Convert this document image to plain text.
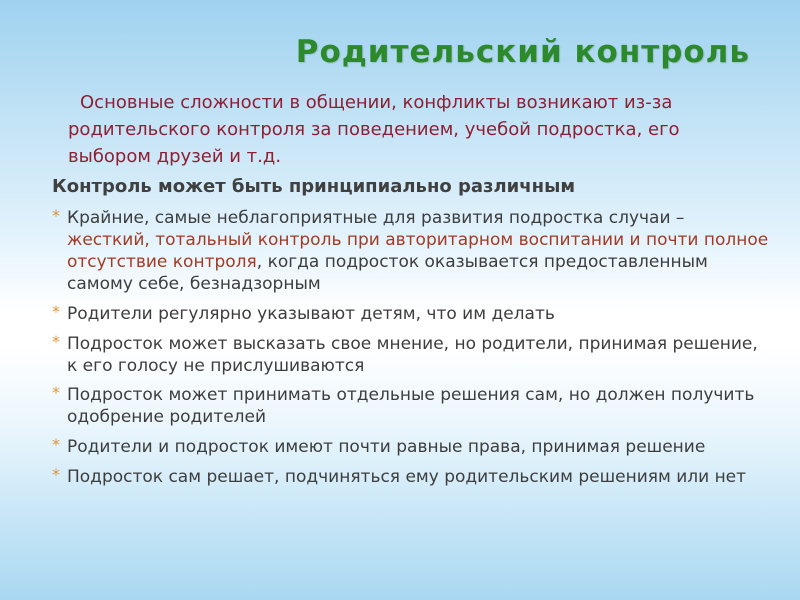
Родительский контроль
Основные сложности в общении, конфликты возникают из-за родительского контроля за поведением, учебой подростка, его выбором друзей и т.д.
Контроль может быть принципиально различным
* Крайние, самые неблагоприятные для развития подростка случаи – жесткий, тотальный контроль при авторитарном воспитании и почти полное отсутствие контроля, когда подросток оказывается предоставленным самому себе, безнадзорным
* Родители регулярно указывают детям, что им делать
* Подросток может высказать свое мнение, но родители, принимая решение, к его голосу не прислушиваются
* Подросток может принимать отдельные решения сам, но должен получить одобрение родителей
* Родители и подросток имеют почти равные права, принимая решение
* Подросток сам решает, подчиняться ему родительским решениям или нет
